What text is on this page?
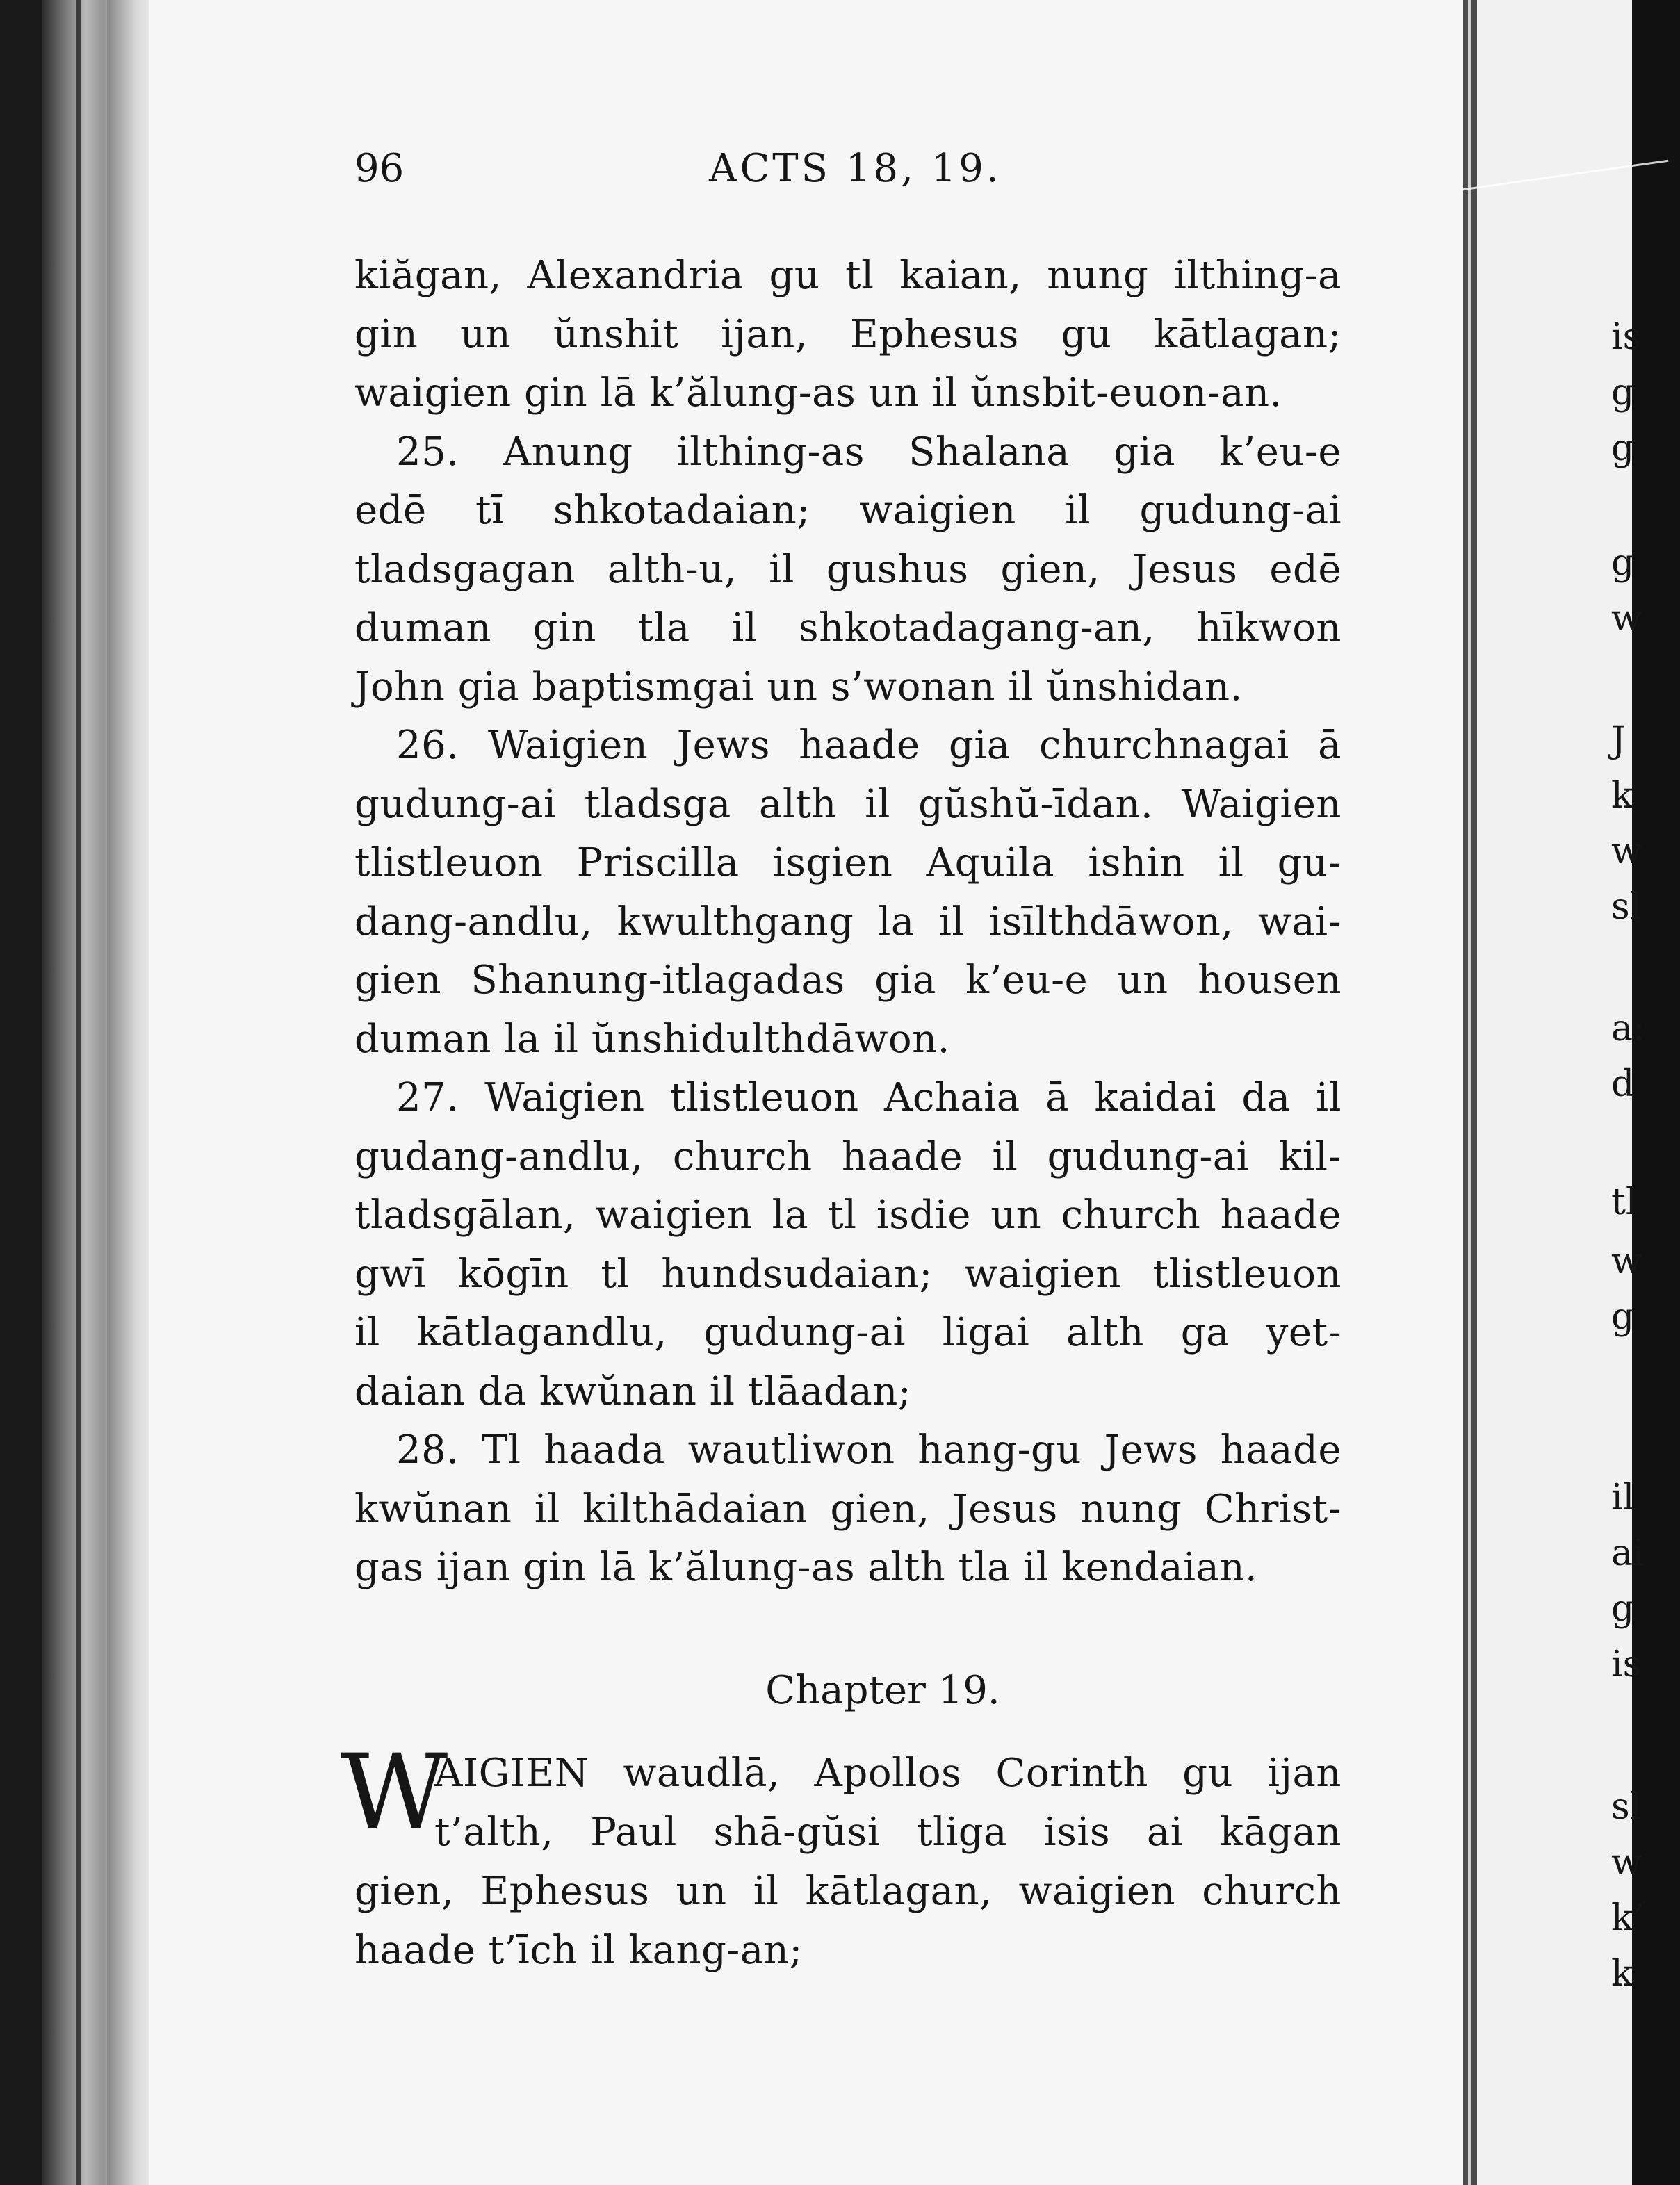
is
g
g
g
w
J
k
w
sl
a:
d
tl
w
g
il
ai
g
is
sl
w
k’
k
96	ACTS 18, 19.
Chapter 19.
W
kiăgan, Alexandria gu tl kaian, nung ilthing-a
gin un ŭnshit ijan, Ephesus gu kātlagan;
waigien gin lā k’ălung-as un il ŭnsbit-euon-an.
25. Anung ilthing-as Shalana gia k’eu-e
edē tī shkotadaian; waigien il gudung-ai
tladsgagan alth-u, il gushus gien, Jesus edē
duman gin tla il shkotadagang-an, hīkwon
John gia baptismgai un s’wonan il ŭnshidan.
26. Waigien Jews haade gia churchnagai ā
gudung-ai tladsga alth il gŭshŭ-īdan. Waigien
tlistleuon Priscilla isgien Aquila ishin il gu-
dang-andlu, kwulthgang la il isīlthdāwon, wai-
gien Shanung-itlagadas gia k’eu-e un housen
duman la il ŭnshidulthdāwon.
27. Waigien tlistleuon Achaia ā kaidai da il
gudang-andlu, church haade il gudung-ai kil-
tladsgālan, waigien la tl isdie un church haade
gwī kōgīn tl hundsudaian; waigien tlistleuon
il kātlagandlu, gudung-ai ligai alth ga yet-
daian da kwŭnan il tlāadan;
28. Tl haada wautliwon hang-gu Jews haade
kwŭnan il kilthādaian gien, Jesus nung Christ-
gas ijan gin lā k’ălung-as alth tla il kendaian.
AIGIEN waudlā, Apollos Corinth gu ijan
t’alth, Paul shā-gŭsi tliga isis ai kāgan
gien, Ephesus un il kātlagan, waigien church
haade t’īch il kang-an;
